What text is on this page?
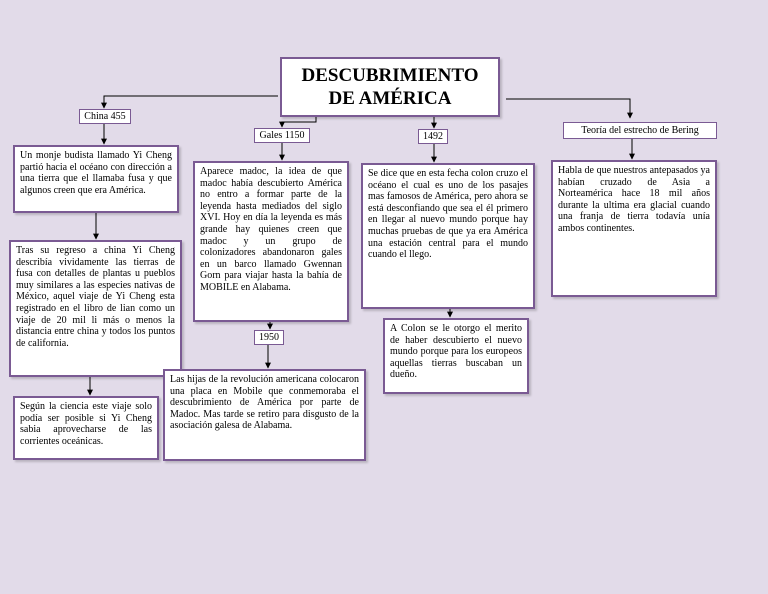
DESCUBRIMIENTO DE AMÉRICA
China 455
Un monje budista llamado Yi Cheng partió hacia el océano con dirección a una tierra que el llamaba fusa y que algunos creen que era América.
Tras su regreso a china Yi Cheng describía vividamente las tierras de fusa con detalles de plantas u pueblos muy similares a las especies nativas de México, aquel viaje de Yi Cheng esta registrado en el libro de lian como un viaje de 20 mil li más o menos la distancia entre china y todos los puntos de california.
Según la ciencia este viaje solo podía ser posible si Yi Cheng sabia aprovecharse de las corrientes oceánicas.
Gales 1150
Aparece madoc, la idea de que madoc había descubierto América no entro a formar parte de la leyenda hasta mediados del siglo XVI. Hoy en día la leyenda es más grande hay quienes creen que madoc y un grupo de colonizadores abandonaron gales en un barco llamado Gwennan Gorn para viajar hasta la bahía de MOBILE en Alabama.
1950
Las hijas de la revolución americana colocaron una placa en Mobile que conmemoraba el descubrimiento de América por parte de Madoc. Mas tarde se retiro para disgusto de la asociación galesa de Alabama.
1492
Se dice que en esta fecha colon cruzo el océano el cual es uno de los pasajes mas famosos de América, pero ahora se está desconfiando que sea el él primero en llegar al nuevo mundo porque hay muchas pruebas de que ya era América una estación central para el mundo cuando el llego.
A Colon se le otorgo el merito de haber descubierto el nuevo mundo porque para los europeos aquellas tierras buscaban un dueño.
Teoría del estrecho de Bering
Habla de que nuestros antepasados ya habían cruzado de Asia a Norteamérica hace 18 mil años durante la ultima era glacial cuando una franja de tierra todavía unía ambos continentes.
